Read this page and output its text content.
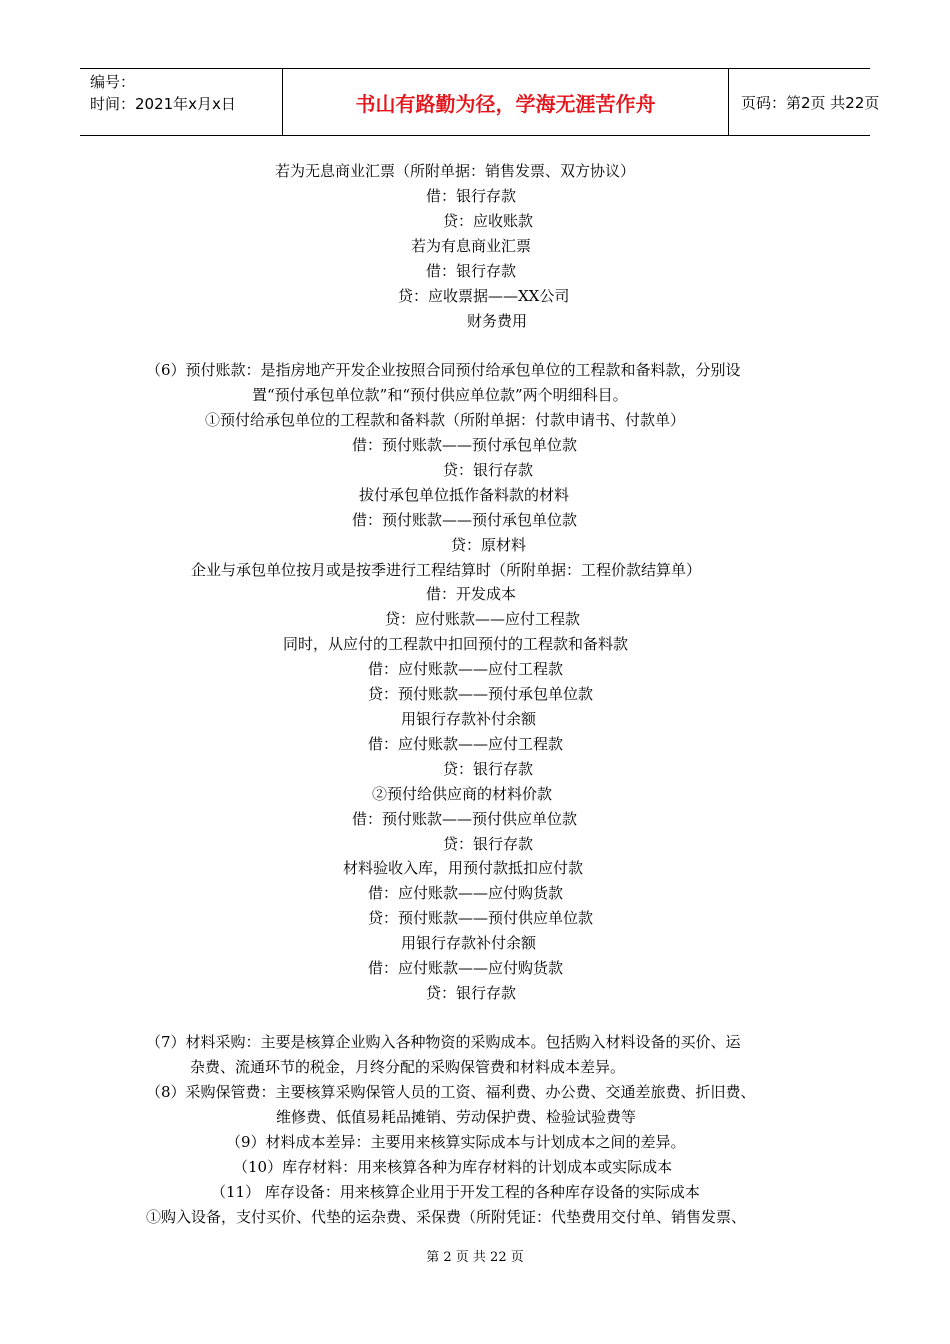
编号：
时间：2021年x月x日	书山有路勤为径，学海无涯苦作舟	页码：第2页 共22页
若为无息商业汇票（所附单据：销售发票、双方协议）
借：银行存款
贷：应收账款
若为有息商业汇票
借：银行存款
贷：应收票据——XX公司
财务费用
（6）预付账款：是指房地产开发企业按照合同预付给承包单位的工程款和备料款，分别设
置“预付承包单位款”和“预付供应单位款”两个明细科目。
①预付给承包单位的工程款和备料款（所附单据：付款申请书、付款单）
借：预付账款——预付承包单位款
贷：银行存款
拔付承包单位抵作备料款的材料
借：预付账款——预付承包单位款
贷：原材料
企业与承包单位按月或是按季进行工程结算时（所附单据：工程价款结算单）
借：开发成本
贷：应付账款——应付工程款
同时，从应付的工程款中扣回预付的工程款和备料款
借：应付账款——应付工程款
贷：预付账款——预付承包单位款
用银行存款补付余额
借：应付账款——应付工程款
贷：银行存款
②预付给供应商的材料价款
借：预付账款——预付供应单位款
贷：银行存款
材料验收入库，用预付款抵扣应付款
借：应付账款——应付购货款
贷：预付账款——预付供应单位款
用银行存款补付余额
借：应付账款——应付购货款
贷：银行存款
（7）材料采购：主要是核算企业购入各种物资的采购成本。包括购入材料设备的买价、运
杂费、流通环节的税金，月终分配的采购保管费和材料成本差异。
（8）采购保管费：主要核算采购保管人员的工资、福利费、办公费、交通差旅费、折旧费、
维修费、低值易耗品摊销、劳动保护费、检验试验费等
（9）材料成本差异：主要用来核算实际成本与计划成本之间的差异。
（10）库存材料：用来核算各种为库存材料的计划成本或实际成本
（11） 库存设备：用来核算企业用于开发工程的各种库存设备的实际成本
①购入设备，支付买价、代垫的运杂费、采保费（所附凭证：代垫费用交付单、销售发票、
第 2 页 共 22 页
